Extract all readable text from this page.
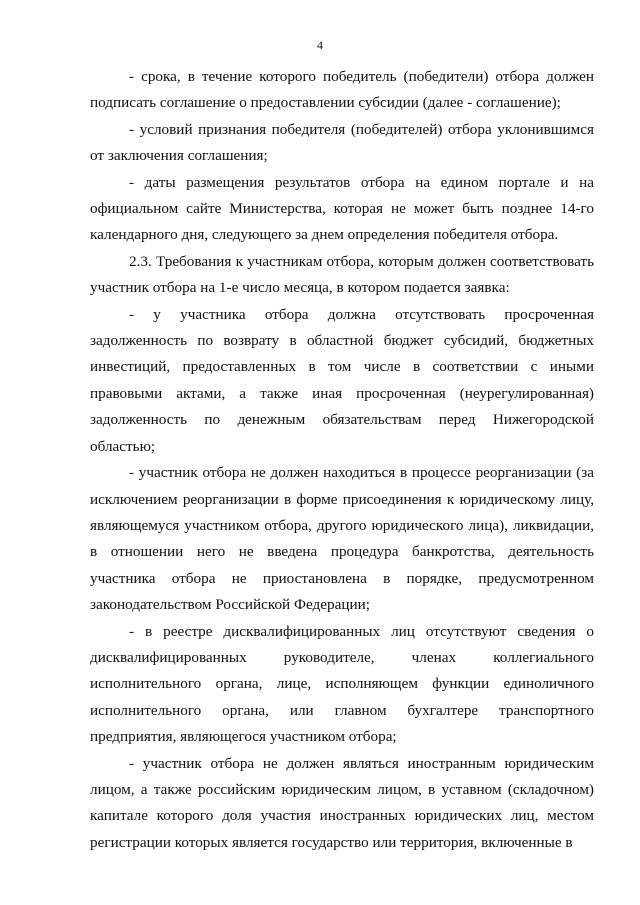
4

- срока, в течение которого победитель (победители) отбора должен подписать соглашение о предоставлении субсидии (далее - соглашение);

- условий признания победителя (победителей) отбора уклонившимся от заключения соглашения;

- даты размещения результатов отбора на едином портале и на официальном сайте Министерства, которая не может быть позднее 14-го календарного дня, следующего за днем определения победителя отбора.

2.3. Требования к участникам отбора, которым должен соответствовать участник отбора на 1-е число месяца, в котором подается заявка:

- у участника отбора должна отсутствовать просроченная задолженность по возврату в областной бюджет субсидий, бюджетных инвестиций, предоставленных в том числе в соответствии с иными правовыми актами, а также иная просроченная (неурегулированная) задолженность по денежным обязательствам перед Нижегородской областью;

- участник отбора не должен находиться в процессе реорганизации (за исключением реорганизации в форме присоединения к юридическому лицу, являющемуся участником отбора, другого юридического лица), ликвидации, в отношении него не введена процедура банкротства, деятельность участника отбора не приостановлена в порядке, предусмотренном законодательством Российской Федерации;

- в реестре дисквалифицированных лиц отсутствуют сведения о дисквалифицированных руководителе, членах коллегиального исполнительного органа, лице, исполняющем функции единоличного исполнительного органа, или главном бухгалтере транспортного предприятия, являющегося участником отбора;

- участник отбора не должен являться иностранным юридическим лицом, а также российским юридическим лицом, в уставном (складочном) капитале которого доля участия иностранных юридических лиц, местом регистрации которых является государство или территория, включенные в
